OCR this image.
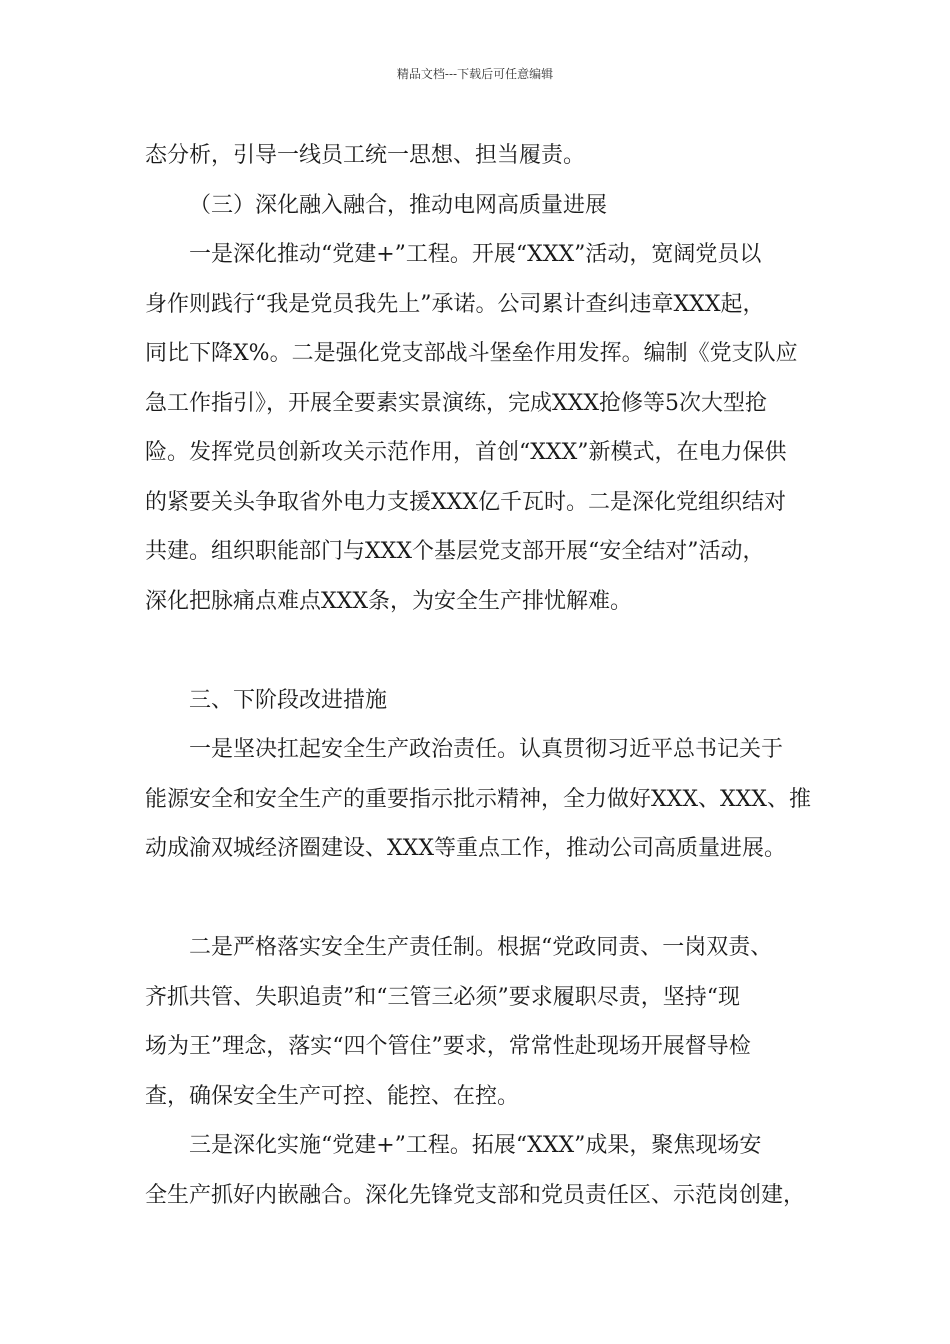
精品文档---下载后可任意编辑
态分析，引导一线员工统一思想、担当履责。
（三）深化融入融合，推动电网高质量进展
一是深化推动“党建+”工程。开展“XXX”活动，宽阔党员以
身作则践行“我是党员我先上”承诺。公司累计查纠违章XXX起，
同比下降X%。二是强化党支部战斗堡垒作用发挥。编制《党支队应
急工作指引》，开展全要素实景演练，完成XXX抢修等5次大型抢
险。发挥党员创新攻关示范作用，首创“XXX”新模式，在电力保供
的紧要关头争取省外电力支援XXX亿千瓦时。二是深化党组织结对
共建。组织职能部门与XXX个基层党支部开展“安全结对”活动，
深化把脉痛点难点XXX条，为安全生产排忧解难。
三、下阶段改进措施
一是坚决扛起安全生产政治责任。认真贯彻习近平总书记关于
能源安全和安全生产的重要指示批示精神，全力做好XXX、XXX、推
动成渝双城经济圈建设、XXX等重点工作，推动公司高质量进展。
二是严格落实安全生产责任制。根据“党政同责、一岗双责、
齐抓共管、失职追责”和“三管三必须”要求履职尽责，坚持“现
场为王”理念，落实“四个管住”要求，常常性赴现场开展督导检
查，确保安全生产可控、能控、在控。
三是深化实施“党建+”工程。拓展“XXX”成果，聚焦现场安
全生产抓好内嵌融合。深化先锋党支部和党员责任区、示范岗创建，
